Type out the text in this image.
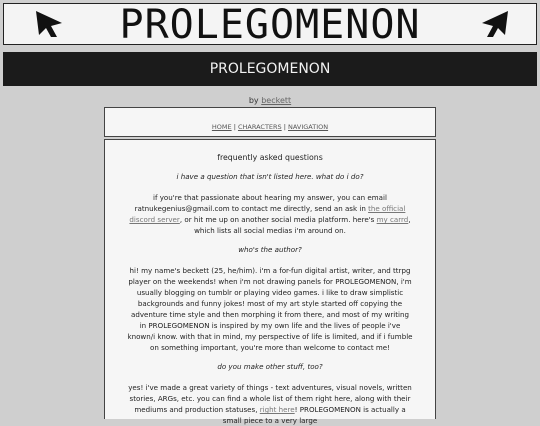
PROLEGOMENON
PROLEGOMENON
by beckett
HOME | CHARACTERS | NAVIGATION
frequently asked questions
i have a question that isn't listed here. what do i do?
if you're that passionate about hearing my answer, you can email ratnukegenius@gmail.com to contact me directly, send an ask in the official discord server, or hit me up on another social media platform. here's my carrd, which lists all social medias i'm around on.
who's the author?
hi! my name's beckett (25, he/him). i'm a for-fun digital artist, writer, and ttrpg player on the weekends! when i'm not drawing panels for PROLEGOMENON, i'm usually blogging on tumblr or playing video games. i like to draw simplistic backgrounds and funny jokes! most of my art style started off copying the adventure time style and then morphing it from there, and most of my writing in PROLEGOMENON is inspired by my own life and the lives of people i've known/i know. with that in mind, my perspective of life is limited, and if i fumble on something important, you're more than welcome to contact me!
do you make other stuff, too?
yes! i've made a great variety of things - text adventures, visual novels, written stories, ARGs, etc. you can find a whole list of them right here, along with their mediums and production statuses, right here! PROLEGOMENON is actually a small piece to a very large
